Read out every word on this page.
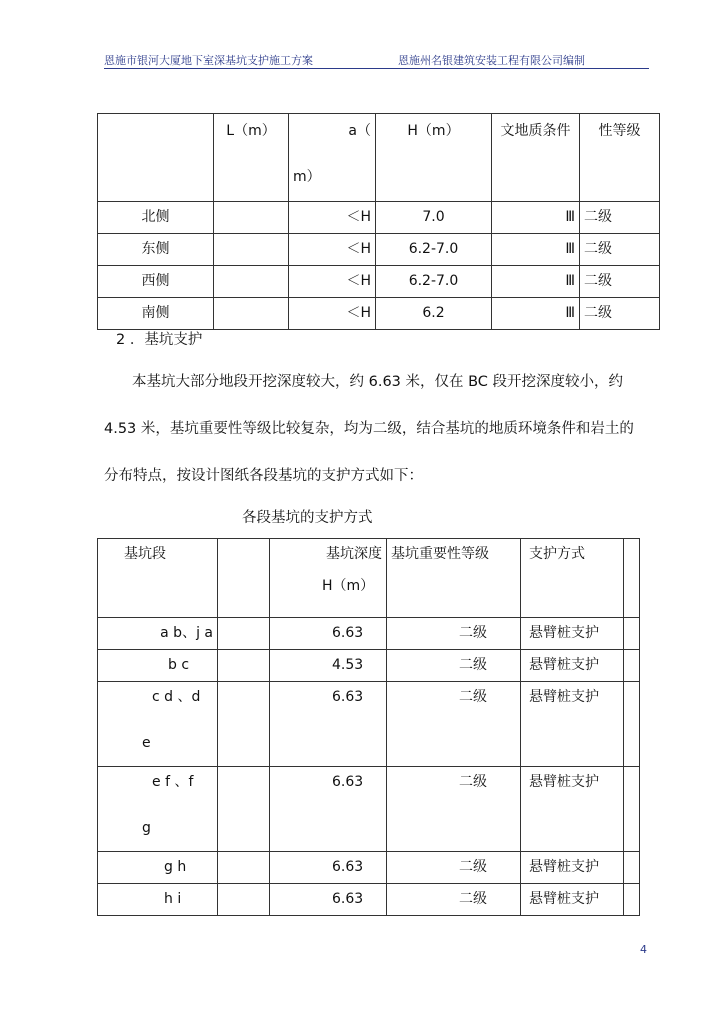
恩施市银河大厦地下室深基坑支护施工方案	恩施州名银建筑安装工程有限公司编制
	L（m）	a（
m）	H（m）	文地质条件	性等级
北侧		＜H	7.0	Ⅲ	二级
东侧		＜H	6.2-7.0	Ⅲ	二级
西侧		＜H	6.2-7.0	Ⅲ	二级
南侧		＜H	6.2	Ⅲ	二级
2 ．基坑支护
本基坑大部分地段开挖深度较大，约 6.63 米，仅在 BC 段开挖深度较小，约
4.53 米，基坑重要性等级比较复杂，均为二级，结合基坑的地质环境条件和岩土的
分布特点，按设计图纸各段基坑的支护方式如下：
各段基坑的支护方式
基坑段		基坑深度
H（m）	基坑重要性等级	支护方式	
a b、j a		6.63	二级	悬臂桩支护	
b c		4.53	二级	悬臂桩支护	

c d 、d
e		6.63	二级	悬臂桩支护	

e f 、f
g		6.63	二级	悬臂桩支护	
g h		6.63	二级	悬臂桩支护	
h i		6.63	二级	悬臂桩支护	
4
